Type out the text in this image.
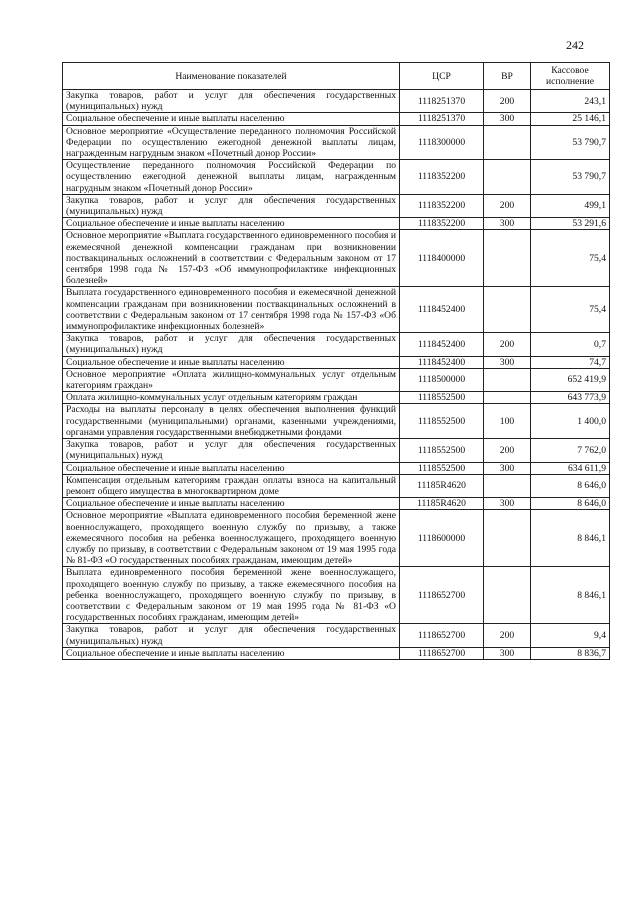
242
Наименование показателей	ЦСР	ВР	Кассовое исполнение
Закупка товаров, работ и услуг для обеспечения государственных (муниципальных) нужд	1118251370	200	243,1
Социальное обеспечение и иные выплаты населению	1118251370	300	25 146,1
Основное мероприятие «Осуществление переданного полномочия Российской Федерации по осуществлению ежегодной денежной выплаты лицам, награжденным нагрудным знаком «Почетный донор России»	1118300000		53 790,7
Осуществление переданного полномочия Российской Федерации по осуществлению ежегодной денежной выплаты лицам, награжденным нагрудным знаком «Почетный донор России»	1118352200		53 790,7
Закупка товаров, работ и услуг для обеспечения государственных (муниципальных) нужд	1118352200	200	499,1
Социальное обеспечение и иные выплаты населению	1118352200	300	53 291,6
Основное мероприятие «Выплата государственного единовременного пособия и ежемесячной денежной компенсации гражданам при возникновении поствакцинальных осложнений в соответствии с Федеральным законом от 17 сентября 1998 года № 157-ФЗ «Об иммунопрофилактике инфекционных болезней»	1118400000		75,4
Выплата государственного единовременного пособия и ежемесячной денежной компенсации гражданам при возникновении поствакцинальных осложнений в соответствии с Федеральным законом от 17 сентября 1998 года № 157-ФЗ «Об иммунопрофилактике инфекционных болезней»	1118452400		75,4
Закупка товаров, работ и услуг для обеспечения государственных (муниципальных) нужд	1118452400	200	0,7
Социальное обеспечение и иные выплаты населению	1118452400	300	74,7
Основное мероприятие «Оплата жилищно-коммунальных услуг отдельным категориям граждан»	1118500000		652 419,9
Оплата жилищно-коммунальных услуг отдельным категориям граждан	1118552500		643 773,9
Расходы на выплаты персоналу в целях обеспечения выполнения функций государственными (муниципальными) органами, казенными учреждениями, органами управления государственными внебюджетными фондами	1118552500	100	1 400,0
Закупка товаров, работ и услуг для обеспечения государственных (муниципальных) нужд	1118552500	200	7 762,0
Социальное обеспечение и иные выплаты населению	1118552500	300	634 611,9
Компенсация отдельным категориям граждан оплаты взноса на капитальный ремонт общего имущества в многоквартирном доме	11185R4620		8 646,0
Социальное обеспечение и иные выплаты населению	11185R4620	300	8 646,0
Основное мероприятие «Выплата единовременного пособия беременной жене военнослужащего, проходящего военную службу по призыву, а также ежемесячного пособия на ребенка военнослужащего, проходящего военную службу по призыву, в соответствии с Федеральным законом от 19 мая 1995 года № 81-ФЗ «О государственных пособиях гражданам, имеющим детей»	1118600000		8 846,1
Выплата единовременного пособия беременной жене военнослужащего, проходящего военную службу по призыву, а также ежемесячного пособия на ребенка военнослужащего, проходящего военную службу по призыву, в соответствии с Федеральным законом от 19 мая 1995 года № 81-ФЗ «О государственных пособиях гражданам, имеющим детей»	1118652700		8 846,1
Закупка товаров, работ и услуг для обеспечения государственных (муниципальных) нужд	1118652700	200	9,4
Социальное обеспечение и иные выплаты населению	1118652700	300	8 836,7
